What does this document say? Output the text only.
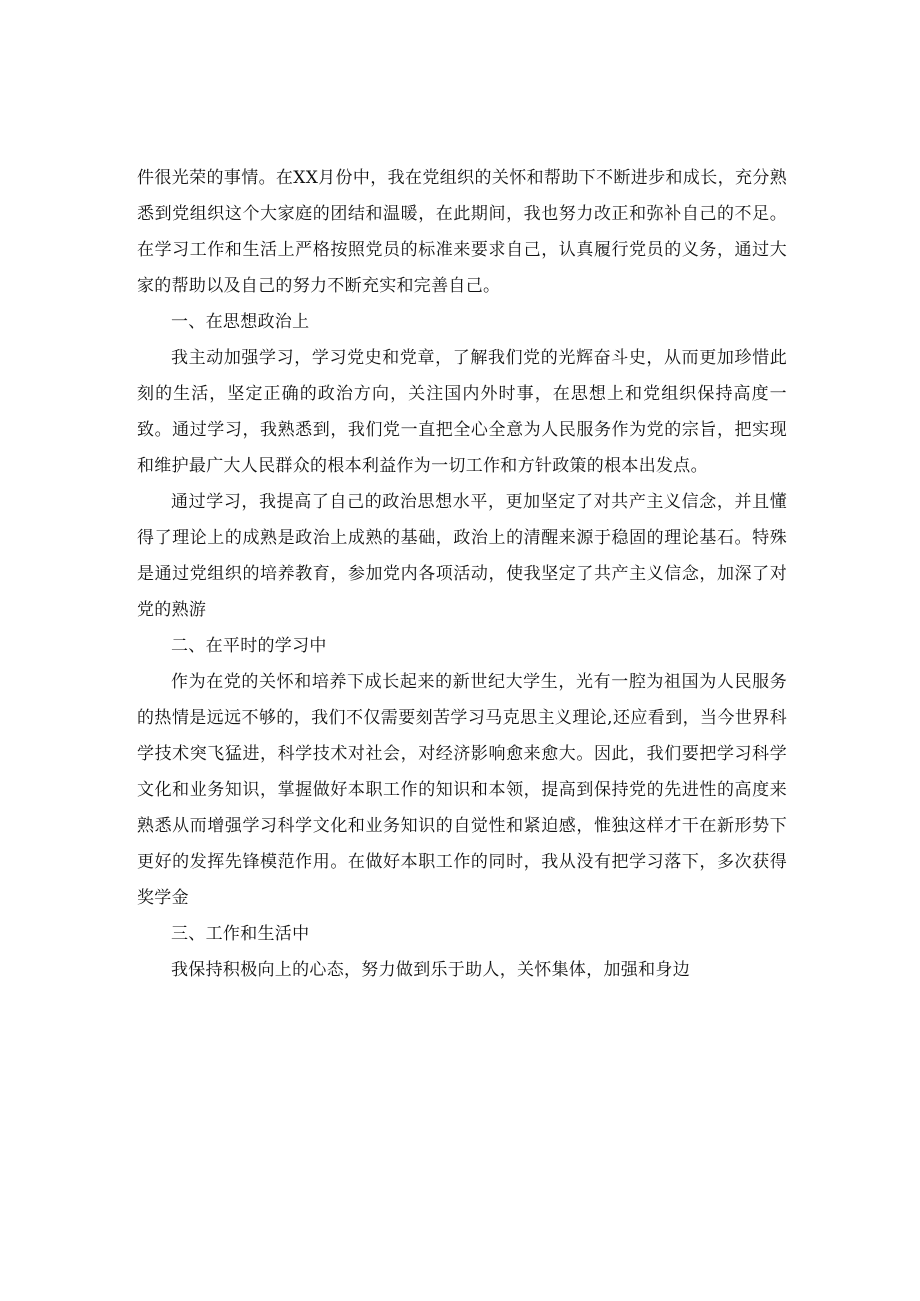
件很光荣的事情。在XX月份中，我在党组织的关怀和帮助下不断进步和成长，充分熟悉到党组织这个大家庭的团结和温暖，在此期间，我也努力改正和弥补自己的不足。在学习工作和生活上严格按照党员的标准来要求自己，认真履行党员的义务，通过大家的帮助以及自己的努力不断充实和完善自己。

一、在思想政治上

我主动加强学习，学习党史和党章，了解我们党的光辉奋斗史，从而更加珍惜此刻的生活，坚定正确的政治方向，关注国内外时事，在思想上和党组织保持高度一致。通过学习，我熟悉到，我们党一直把全心全意为人民服务作为党的宗旨，把实现和维护最广大人民群众的根本利益作为一切工作和方针政策的根本出发点。

通过学习，我提高了自己的政治思想水平，更加坚定了对共产主义信念，并且懂得了理论上的成熟是政治上成熟的基础，政治上的清醒来源于稳固的理论基石。特殊是通过党组织的培养教育，参加党内各项活动，使我坚定了共产主义信念，加深了对党的熟游

二、在平时的学习中

作为在党的关怀和培养下成长起来的新世纪大学生，光有一腔为祖国为人民服务的热情是远远不够的，我们不仅需要刻苦学习马克思主义理论,还应看到，当今世界科学技术突飞猛进，科学技术对社会，对经济影响愈来愈大。因此，我们要把学习科学文化和业务知识，掌握做好本职工作的知识和本领，提高到保持党的先进性的高度来熟悉从而增强学习科学文化和业务知识的自觉性和紧迫感，惟独这样才干在新形势下更好的发挥先锋模范作用。在做好本职工作的同时，我从没有把学习落下，多次获得奖学金

三、工作和生活中

我保持积极向上的心态，努力做到乐于助人，关怀集体，加强和身边
